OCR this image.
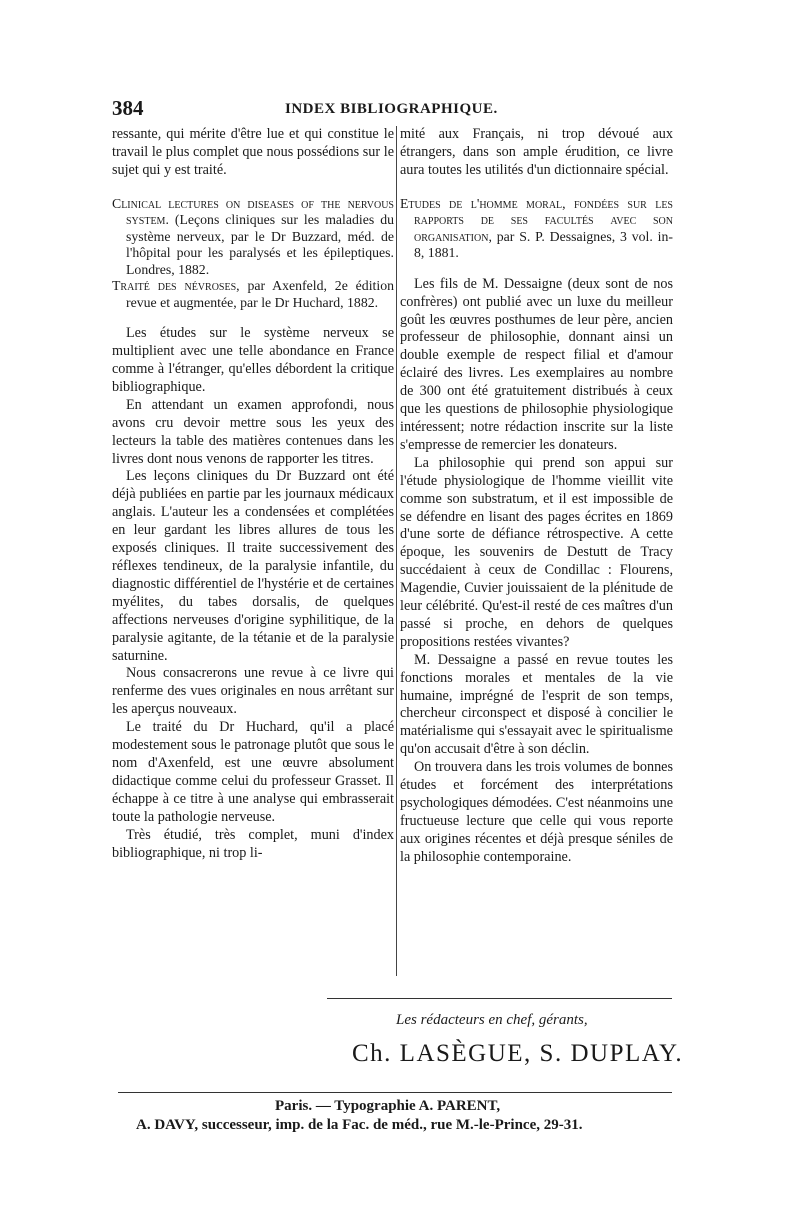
384	INDEX BIBLIOGRAPHIQUE.

ressante, qui mérite d'être lue et qui constitue le travail le plus complet que nous possédions sur le sujet qui y est traité.

Clinical lectures on diseases of the nervous system. (Leçons cliniques sur les maladies du système nerveux, par le Dr Buzzard, méd. de l'hôpital pour les paralysés et les épileptiques. Londres, 1882.

Traité des névroses, par Axenfeld, 2e édition revue et augmentée, par le Dr Huchard, 1882.

Les études sur le système nerveux se multiplient avec une telle abondance en France comme à l'étranger, qu'elles débordent la critique bibliographique.

En attendant un examen approfondi, nous avons cru devoir mettre sous les yeux des lecteurs la table des matières contenues dans les livres dont nous venons de rapporter les titres.

Les leçons cliniques du Dr Buzzard ont été déjà publiées en partie par les journaux médicaux anglais. L'auteur les a condensées et complétées en leur gardant les libres allures de tous les exposés cliniques. Il traite successivement des réflexes tendineux, de la paralysie infantile, du diagnostic différentiel de l'hystérie et de certaines myélites, du tabes dorsalis, de quelques affections nerveuses d'origine syphilitique, de la paralysie agitante, de la tétanie et de la paralysie saturnine.

Nous consacrerons une revue à ce livre qui renferme des vues originales en nous arrêtant sur les aperçus nouveaux.

Le traité du Dr Huchard, qu'il a placé modestement sous le patronage plutôt que sous le nom d'Axenfeld, est une œuvre absolument didactique comme celui du professeur Grasset. Il échappe à ce titre à une analyse qui embrasserait toute la pathologie nerveuse.

Très étudié, très complet, muni d'index bibliographique, ni trop li-

mité aux Français, ni trop dévoué aux étrangers, dans son ample érudition, ce livre aura toutes les utilités d'un dictionnaire spécial.

Etudes de l'homme moral, fondées sur les rapports de ses facultés avec son organisation, par S. P. Dessaignes, 3 vol. in-8, 1881.

Les fils de M. Dessaigne (deux sont de nos confrères) ont publié avec un luxe du meilleur goût les œuvres posthumes de leur père, ancien professeur de philosophie, donnant ainsi un double exemple de respect filial et d'amour éclairé des livres. Les exemplaires au nombre de 300 ont été gratuitement distribués à ceux que les questions de philosophie physiologique intéressent; notre rédaction inscrite sur la liste s'empresse de remercier les donateurs.

La philosophie qui prend son appui sur l'étude physiologique de l'homme vieillit vite comme son substratum, et il est impossible de se défendre en lisant des pages écrites en 1869 d'une sorte de défiance rétrospective. A cette époque, les souvenirs de Destutt de Tracy succédaient à ceux de Condillac : Flourens, Magendie, Cuvier jouissaient de la plénitude de leur célébrité. Qu'est-il resté de ces maîtres d'un passé si proche, en dehors de quelques propositions restées vivantes?

M. Dessaigne a passé en revue toutes les fonctions morales et mentales de la vie humaine, imprégné de l'esprit de son temps, chercheur circonspect et disposé à concilier le matérialisme qui s'essayait avec le spiritualisme qu'on accusait d'être à son déclin.

On trouvera dans les trois volumes de bonnes études et forcément des interprétations psychologiques démodées. C'est néanmoins une fructueuse lecture que celle qui vous reporte aux origines récentes et déjà presque séniles de la philosophie contemporaine.

Les rédacteurs en chef, gérants,
Ch. LASÈGUE, S. DUPLAY.
Paris. — Typographie A. PARENT,
A. DAVY, successeur, imp. de la Fac. de méd., rue M.-le-Prince, 29-31.
